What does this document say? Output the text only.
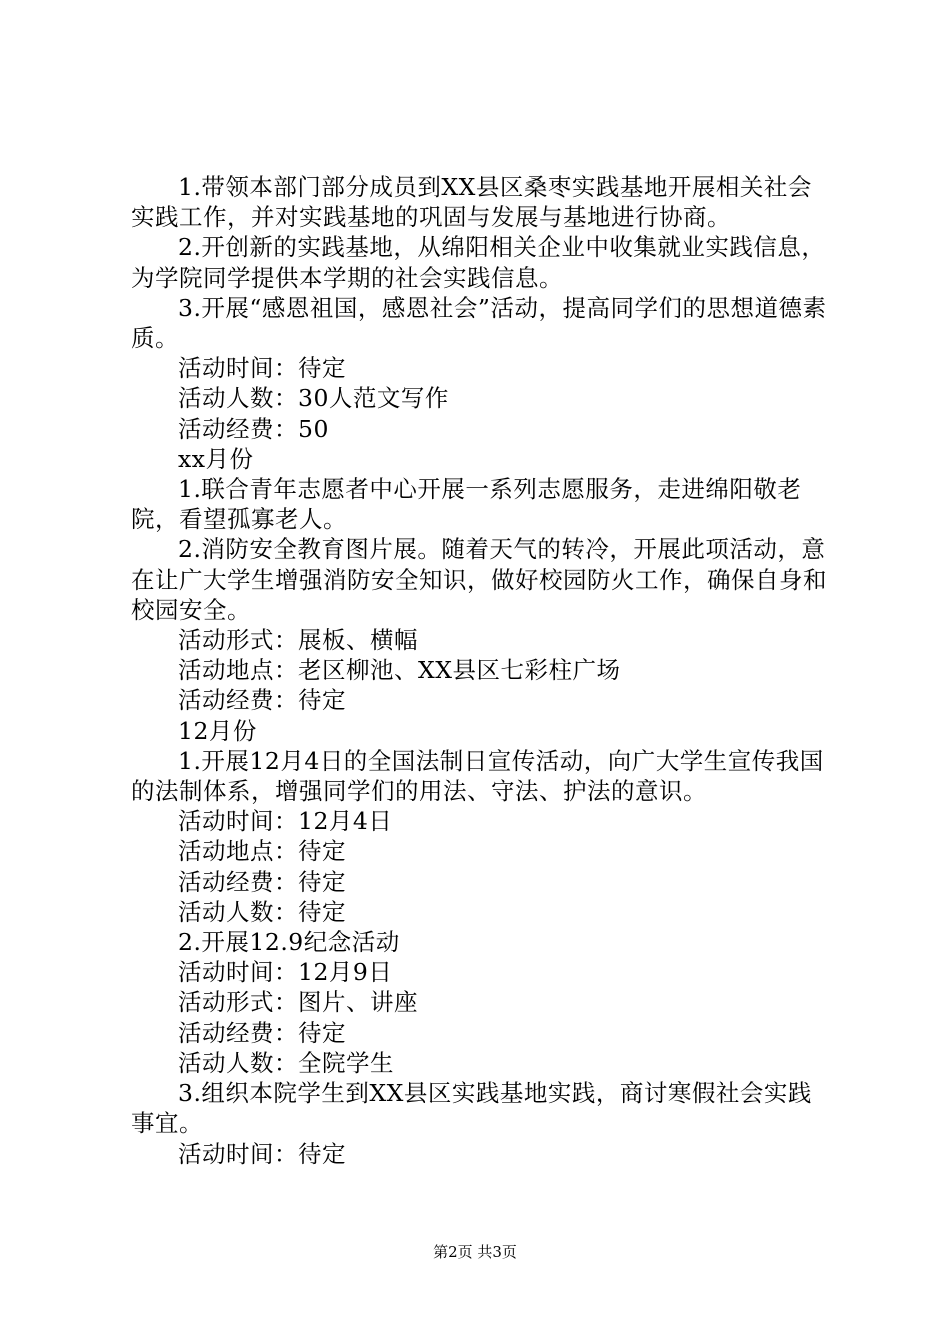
1.带领本部门部分成员到XX县区桑枣实践基地开展相关社会实践工作，并对实践基地的巩固与发展与基地进行协商。

2.开创新的实践基地，从绵阳相关企业中收集就业实践信息，为学院同学提供本学期的社会实践信息。

3.开展“感恩祖国，感恩社会”活动，提高同学们的思想道德素质。

活动时间：待定

活动人数：30人范文写作

活动经费：50

xx月份

1.联合青年志愿者中心开展一系列志愿服务，走进绵阳敬老院，看望孤寡老人。

2.消防安全教育图片展。随着天气的转冷，开展此项活动，意在让广大学生增强消防安全知识，做好校园防火工作，确保自身和校园安全。

活动形式：展板、横幅

活动地点：老区柳池、XX县区七彩柱广场

活动经费：待定

12月份

1.开展12月4日的全国法制日宣传活动，向广大学生宣传我国的法制体系，增强同学们的用法、守法、护法的意识。

活动时间：12月4日

活动地点：待定

活动经费：待定

活动人数：待定

2.开展12.9纪念活动

活动时间：12月9日

活动形式：图片、讲座

活动经费：待定

活动人数：全院学生

3.组织本院学生到XX县区实践基地实践，商讨寒假社会实践事宜。

活动时间：待定

第2页 共3页
